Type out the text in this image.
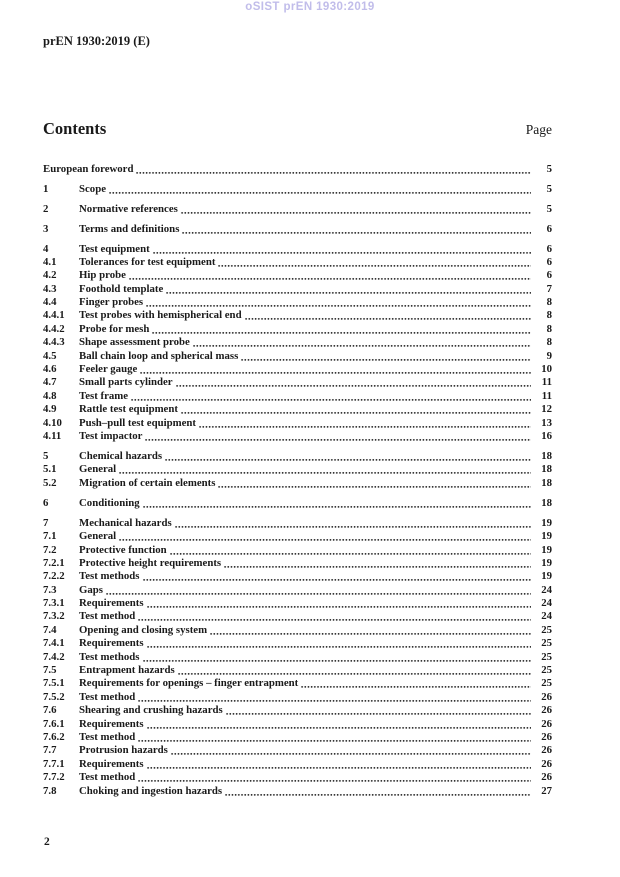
oSIST prEN 1930:2019
prEN 1930:2019 (E)
Contents	Page
European foreword	5
1	Scope	5
2	Normative references	5
3	Terms and definitions	6
4	Test equipment	6
4.1	Tolerances for test equipment	6
4.2	Hip probe	6
4.3	Foothold template	7
4.4	Finger probes	8
4.4.1	Test probes with hemispherical end	8
4.4.2	Probe for mesh	8
4.4.3	Shape assessment probe	8
4.5	Ball chain loop and spherical mass	9
4.6	Feeler gauge	10
4.7	Small parts cylinder	11
4.8	Test frame	11
4.9	Rattle test equipment	12
4.10	Push–pull test equipment	13
4.11	Test impactor	16
5	Chemical hazards	18
5.1	General	18
5.2	Migration of certain elements	18
6	Conditioning	18
7	Mechanical hazards	19
7.1	General	19
7.2	Protective function	19
7.2.1	Protective height requirements	19
7.2.2	Test methods	19
7.3	Gaps	24
7.3.1	Requirements	24
7.3.2	Test method	24
7.4	Opening and closing system	25
7.4.1	Requirements	25
7.4.2	Test methods	25
7.5	Entrapment hazards	25
7.5.1	Requirements for openings – finger entrapment	25
7.5.2	Test method	26
7.6	Shearing and crushing hazards	26
7.6.1	Requirements	26
7.6.2	Test method	26
7.7	Protrusion hazards	26
7.7.1	Requirements	26
7.7.2	Test method	26
7.8	Choking and ingestion hazards	27
2
